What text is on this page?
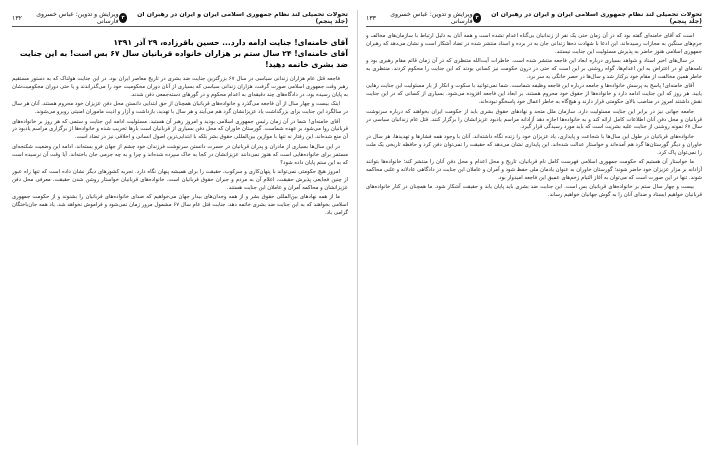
تحولات تحمیلی لند نظام جمهوری اسلامی ایران و ایران در رهبران آن (جلد پنجم)
۳
ویرایش و تدوین: عباس خسروی فارسانی
۱۳۲
آقای خامنه‌ای! جنایت ادامه دارد... حسین باقرزاده، ۲۹ آذر ۱۳۹۱
آقای خامنه‌ای! ۲۴ سال ستم بر هزاران خانواده قربانیان سال ۶۷ بس است! به این جنایت ضد بشری خاتمه دهید!

فاجعه قتل عام هزاران زندانی سیاسی در سال ۶۷ بزرگترین جنایت ضد بشری در تاریخ معاصر ایران بود. در این جنایت هولناک که به دستور مستقیم رهبر وقت جمهوری اسلامی صورت گرفت، هزاران زندانی سیاسی که بسیاری از آنان دوران محکومیت خود را می‌گذراندند و یا حتی دوران محکومیت‌شان به پایان رسیده بود، در دادگاه‌های چند دقیقه‌ای به اعدام محکوم و در گورهای دسته‌جمعی دفن شدند.

اینک بیست و چهار سال از آن فاجعه می‌گذرد و خانواده‌های قربانیان همچنان از حق ابتدایی دانستن محل دفن عزیزان خود محروم هستند. آنان هر سال در سالگرد این جنایت برای بزرگداشت یاد عزیزانشان گرد هم می‌آیند و هر سال با تهدید، بازداشت و آزار و اذیت ماموران امنیتی روبرو می‌شوند.

آقای خامنه‌ای! شما در آن زمان رئیس جمهوری اسلامی بودید و امروز رهبر آن هستید. مسئولیت ادامه این جنایت و ستمی که هر روز بر خانواده‌های قربانیان روا می‌شود بر عهده شماست. گورستان خاوران که محل دفن بسیاری از قربانیان است بارها تخریب شده و خانواده‌ها از برگزاری مراسم یادبود در آن منع شده‌اند. این رفتار نه تنها با موازین بین‌المللی حقوق بشر بلکه با ابتدایی‌ترین اصول انسانی و اخلاقی نیز در تضاد است.

در این سال‌ها بسیاری از مادران و پدران قربانیان در حسرت دانستن سرنوشت فرزندان خود چشم از جهان فرو بسته‌اند. ادامه این وضعیت شکنجه‌ای مستمر برای خانواده‌هایی است که هنوز نمی‌دانند عزیزانشان در کجا به خاک سپرده شده‌اند و چرا و به چه جرمی جان باخته‌اند. آیا وقت آن نرسیده است که به این ستم پایان داده شود؟

امروز هیچ حکومتی نمی‌تواند با پنهان‌کاری و سرکوب، حقیقت را برای همیشه پنهان نگاه دارد. تجربه کشورهای دیگر نشان داده است که تنها راه عبور از چنین فجایعی پذیرش حقیقت، اعلام آن به مردم و جبران حقوق قربانیان است. خانواده‌های قربانیان خواستار روشن شدن حقیقت، معرفی محل دفن عزیزانشان و محاکمه آمران و عاملان این جنایت هستند.

ما از همه نهادهای بین‌المللی حقوق بشر و از همه وجدان‌های بیدار جهان می‌خواهیم که صدای خانواده‌های قربانیان را بشنوند و از حکومت جمهوری اسلامی بخواهند که به این جنایت ضد بشری خاتمه دهد. جنایت قتل عام سال ۶۷ مشمول مرور زمان نمی‌شود و فراموش نخواهد شد. یاد همه جان‌باختگان گرامی باد.

تحولات تحمیلی لند نظام جمهوری اسلامی ایران و ایران در رهبران آن (جلد پنجم)
۳
ویرایش و تدوین: عباس خسروی فارسانی
۱۳۳

است که آقای خامنه‌ای گفته بود که در آن زمان حتی یک نفر از زندانیان بی‌گناه اعدام نشده است و همه آنان به دلیل ارتباط با سازمان‌های مخالف و جرم‌های سنگین به مجازات رسیده‌اند. این ادعا با شهادت ده‌ها زندانی جان به در برده و اسناد منتشر شده در تضاد آشکار است و نشان می‌دهد که رهبران جمهوری اسلامی هنوز حاضر به پذیرش مسئولیت این جنایت نیستند.

در سال‌های اخیر اسناد و شواهد بسیاری درباره ابعاد این فاجعه منتشر شده است. خاطرات آیت‌الله منتظری که در آن زمان قائم مقام رهبری بود و نامه‌های او در اعتراض به این اعدام‌ها، گواه روشنی بر این است که حتی در درون حکومت نیز کسانی بودند که این جنایت را محکوم کردند. منتظری به خاطر همین مخالفت از مقام خود برکنار شد و سال‌ها در حصر خانگی به سر برد.

آقای خامنه‌ای! پاسخ به پرسش خانواده‌ها و جامعه درباره این فاجعه وظیفه شماست. شما نمی‌توانید با سکوت و انکار از بار مسئولیت این جنایت رهایی یابید. هر روز که این جنایت ادامه دارد و خانواده‌ها از حقوق خود محروم هستند، بر ابعاد این فاجعه افزوده می‌شود. بسیاری از کسانی که در این جنایت نقش داشتند امروز در مناصب بالای حکومتی قرار دارند و هیچ‌گاه به خاطر اعمال خود پاسخگو نبوده‌اند.

جامعه جهانی نیز در برابر این جنایت مسئولیت دارد. سازمان ملل متحد و نهادهای حقوق بشری باید از حکومت ایران بخواهند که درباره سرنوشت قربانیان و محل دفن آنان اطلاعات کامل ارائه کند و به خانواده‌ها اجازه دهد آزادانه مراسم یادبود عزیزانشان را برگزار کنند. قتل عام زندانیان سیاسی در سال ۶۷ نمونه روشنی از جنایت علیه بشریت است که باید مورد رسیدگی قرار گیرد.

خانواده‌های قربانیان در طول این سال‌ها با شجاعت و پایداری، یاد عزیزان خود را زنده نگاه داشته‌اند. آنان با وجود همه فشارها و تهدیدها، هر سال در خاوران و دیگر گورستان‌ها گرد هم آمده‌اند و خواستار عدالت شده‌اند. این پایداری نشان می‌دهد که حقیقت را نمی‌توان دفن کرد و حافظه تاریخی یک ملت را نمی‌توان پاک کرد.

ما خواستار آن هستیم که حکومت جمهوری اسلامی فهرست کامل نام قربانیان، تاریخ و محل اعدام و محل دفن آنان را منتشر کند؛ خانواده‌ها بتوانند آزادانه بر مزار عزیزان خود حاضر شوند؛ گورستان خاوران به عنوان یادمان ملی حفظ شود و آمران و عاملان این جنایت در دادگاهی عادلانه و علنی محاکمه شوند. تنها در این صورت است که می‌توان به آغاز التیام زخم‌های عمیق این فاجعه امیدوار بود.

بیست و چهار سال ستم بر خانواده‌های قربانیان بس است. این جنایت ضد بشری باید پایان یابد و حقیقت آشکار شود. ما همچنان در کنار خانواده‌های قربانیان خواهیم ایستاد و صدای آنان را به گوش جهانیان خواهیم رساند.
